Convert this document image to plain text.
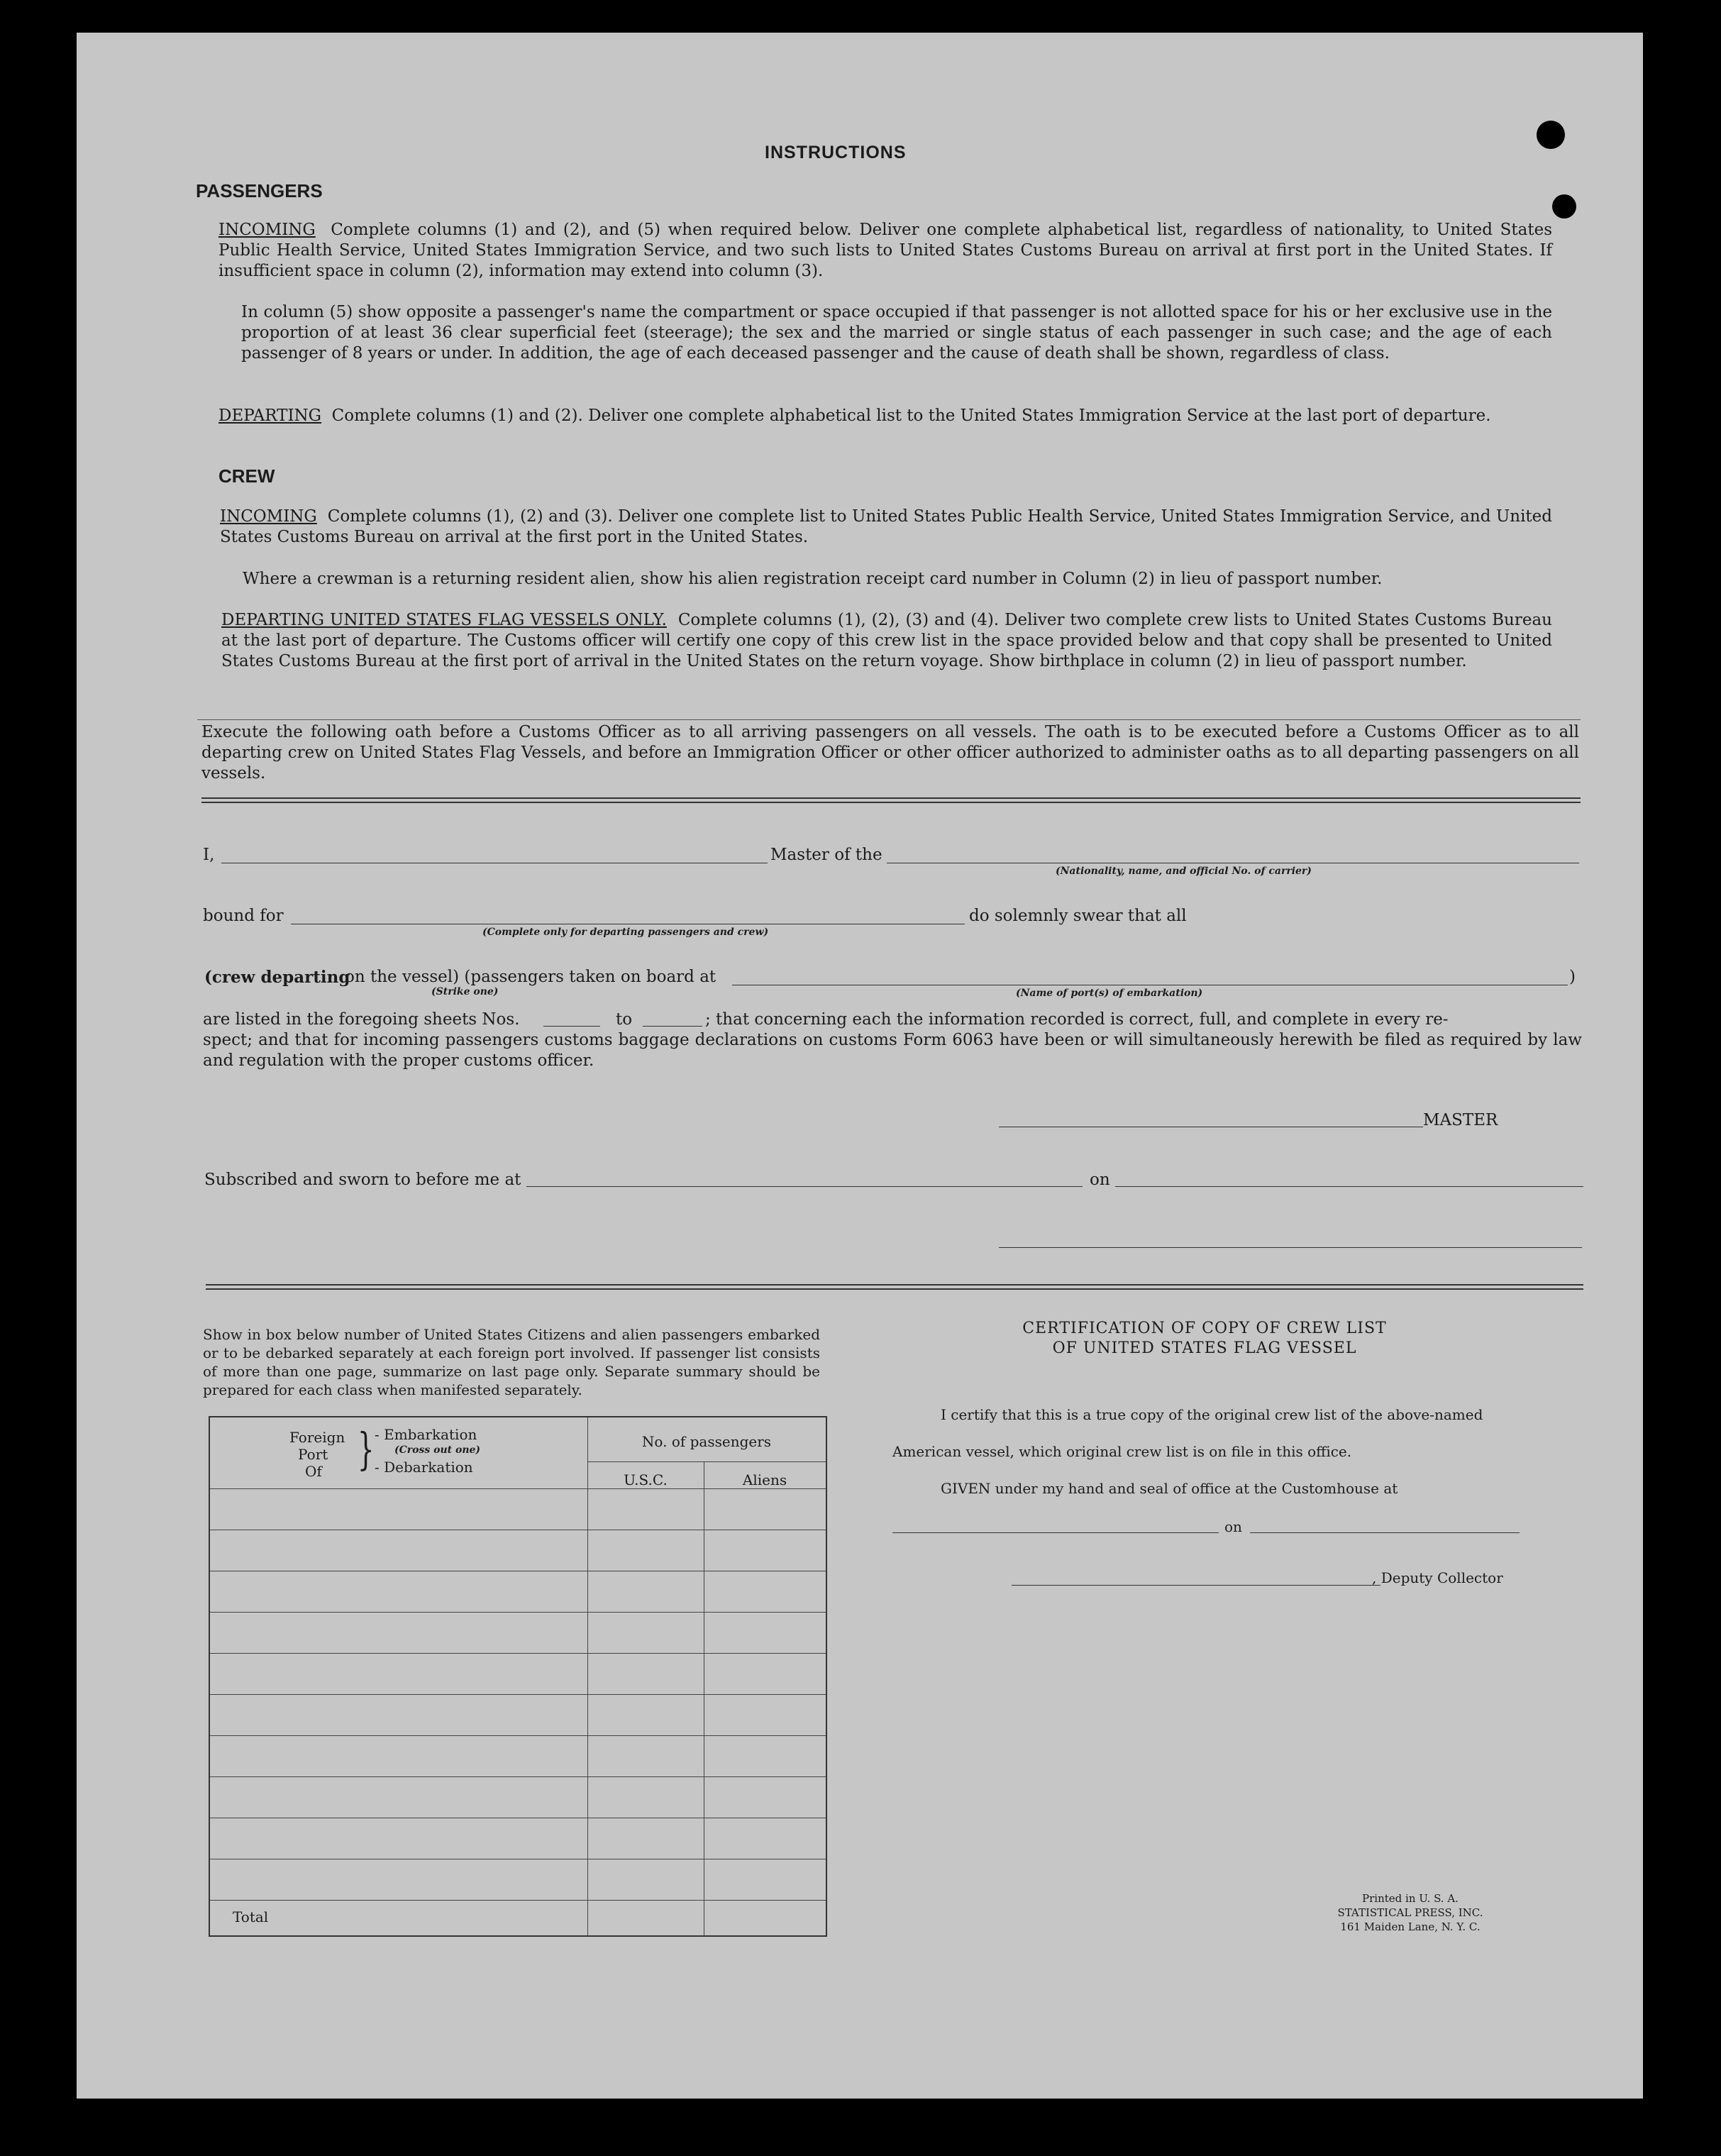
INSTRUCTIONS
PASSENGERS
INCOMING Complete columns (1) and (2), and (5) when required below. Deliver one complete alphabetical list, regardless of nationality, to United States Public Health Service, United States Immigration Service, and two such lists to United States Customs Bureau on arrival at first port in the United States. If insufficient space in column (2), information may extend into column (3).
In column (5) show opposite a passenger's name the compartment or space occupied if that passenger is not allotted space for his or her exclusive use in the proportion of at least 36 clear superficial feet (steerage); the sex and the married or single status of each passenger in such case; and the age of each passenger of 8 years or under. In addition, the age of each deceased passenger and the cause of death shall be shown, regardless of class.
DEPARTING Complete columns (1) and (2). Deliver one complete alphabetical list to the United States Immigration Service at the last port of departure.
CREW
INCOMING Complete columns (1), (2) and (3). Deliver one complete list to United States Public Health Service, United States Immigration Service, and United States Customs Bureau on arrival at the first port in the United States.
Where a crewman is a returning resident alien, show his alien registration receipt card number in Column (2) in lieu of passport number.
DEPARTING UNITED STATES FLAG VESSELS ONLY. Complete columns (1), (2), (3) and (4). Deliver two complete crew lists to United States Customs Bureau at the last port of departure. The Customs officer will certify one copy of this crew list in the space provided below and that copy shall be presented to United States Customs Bureau at the first port of arrival in the United States on the return voyage. Show birthplace in column (2) in lieu of passport number.
Execute the following oath before a Customs Officer as to all arriving passengers on all vessels. The oath is to be executed before a Customs Officer as to all departing crew on United States Flag Vessels, and before an Immigration Officer or other officer authorized to administer oaths as to all departing passengers on all vessels.
I,	Master of the
(Nationality, name, and official No. of carrier)
bound for
(Complete only for departing passengers and crew)
do solemnly swear that all
(crew departing
on the vessel) (passengers taken on board at
(Strike one)
)
(Name of port(s) of embarkation)
are listed in the foregoing sheets Nos.	to	; that concerning each the information recorded is correct, full, and complete in every re-
spect; and that for incoming passengers customs baggage declarations on customs Form 6063 have been or will simultaneously herewith be filed as required by law and regulation with the proper customs officer.
MASTER
Subscribed and sworn to before me at	on
Show in box below number of United States Citizens and alien passengers embarked or to be debarked separately at each foreign port involved. If passenger list consists of more than one page, summarize on last page only. Separate summary should be prepared for each class when manifested separately.
Foreign
Port
Of } - Embarkation
(Cross out one)
- Debarkation
No. of passengers
U.S.C.	Aliens
Total
CERTIFICATION OF COPY OF CREW LIST
OF UNITED STATES FLAG VESSEL
I certify that this is a true copy of the original crew list of the above-named
American vessel, which original crew list is on file in this office.
GIVEN under my hand and seal of office at the Customhouse at
on
, Deputy Collector
Printed in U. S. A.
STATISTICAL PRESS, INC.
161 Maiden Lane, N. Y. C.
